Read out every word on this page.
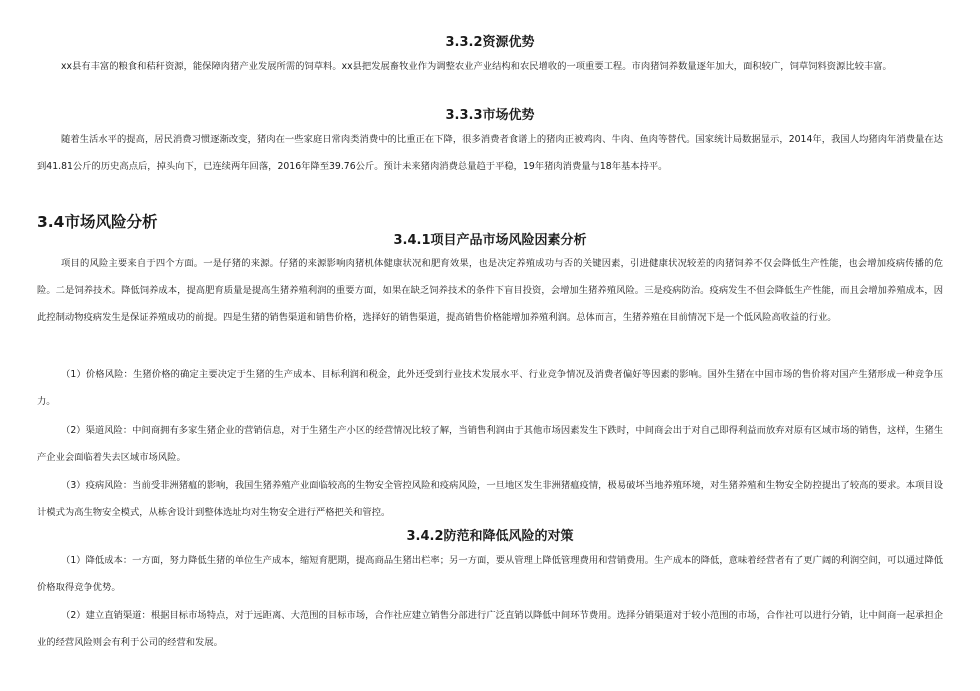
3.3.2资源优势

xx县有丰富的粮食和秸秆资源，能保障肉猪产业发展所需的饲草料。xx县把发展畜牧业作为调整农业产业结构和农民增收的一项重要工程。市肉猪饲养数量逐年加大，面积较广，饲草饲料资源比较丰富。

3.3.3市场优势

随着生活水平的提高，居民消费习惯逐渐改变，猪肉在一些家庭日常肉类消费中的比重正在下降，很多消费者食谱上的猪肉正被鸡肉、牛肉、鱼肉等替代。国家统计局数据显示，2014年，我国人均猪肉年消费量在达到41.81公斤的历史高点后，掉头向下，已连续两年回落，2016年降至39.76公斤。预计未来猪肉消费总量趋于平稳，19年猪肉消费量与18年基本持平。

3.4市场风险分析
3.4.1项目产品市场风险因素分析

项目的风险主要来自于四个方面。一是仔猪的来源。仔猪的来源影响肉猪机体健康状况和肥育效果，也是决定养殖成功与否的关键因素，引进健康状况较差的肉猪饲养不仅会降低生产性能，也会增加疫病传播的危险。二是饲养技术。降低饲养成本，提高肥育质量是提高生猪养殖利润的重要方面，如果在缺乏饲养技术的条件下盲目投资，会增加生猪养殖风险。三是疫病防治。疫病发生不但会降低生产性能，而且会增加养殖成本，因此控制动物疫病发生是保证养殖成功的前提。四是生猪的销售渠道和销售价格，选择好的销售渠道，提高销售价格能增加养殖利润。总体而言，生猪养殖在目前情况下是一个低风险高收益的行业。

（1）价格风险：生猪价格的确定主要决定于生猪的生产成本、目标利润和税金，此外还受到行业技术发展水平、行业竞争情况及消费者偏好等因素的影响。国外生猪在中国市场的售价将对国产生猪形成一种竞争压力。

（2）渠道风险：中间商拥有多家生猪企业的营销信息，对于生猪生产小区的经营情况比较了解，当销售利润由于其他市场因素发生下跌时，中间商会出于对自己即得利益而放弃对原有区域市场的销售，这样，生猪生产企业会面临着失去区域市场风险。

（3）疫病风险：当前受非洲猪瘟的影响，我国生猪养殖产业面临较高的生物安全管控风险和疫病风险，一旦地区发生非洲猪瘟疫情，极易破坏当地养殖环境，对生猪养殖和生物安全防控提出了较高的要求。本项目设计模式为高生物安全模式，从栋舍设计到整体选址均对生物安全进行严格把关和管控。

3.4.2防范和降低风险的对策

（1）降低成本：一方面，努力降低生猪的单位生产成本，缩短育肥期，提高商品生猪出栏率；另一方面，要从管理上降低管理费用和营销费用。生产成本的降低，意味着经营者有了更广阔的利润空间，可以通过降低价格取得竞争优势。

（2）建立直销渠道：根据目标市场特点，对于远距离、大范围的目标市场，合作社应建立销售分部进行广泛直销以降低中间环节费用。选择分销渠道对于较小范围的市场，合作社可以进行分销，让中间商一起承担企业的经营风险则会有利于公司的经营和发展。
